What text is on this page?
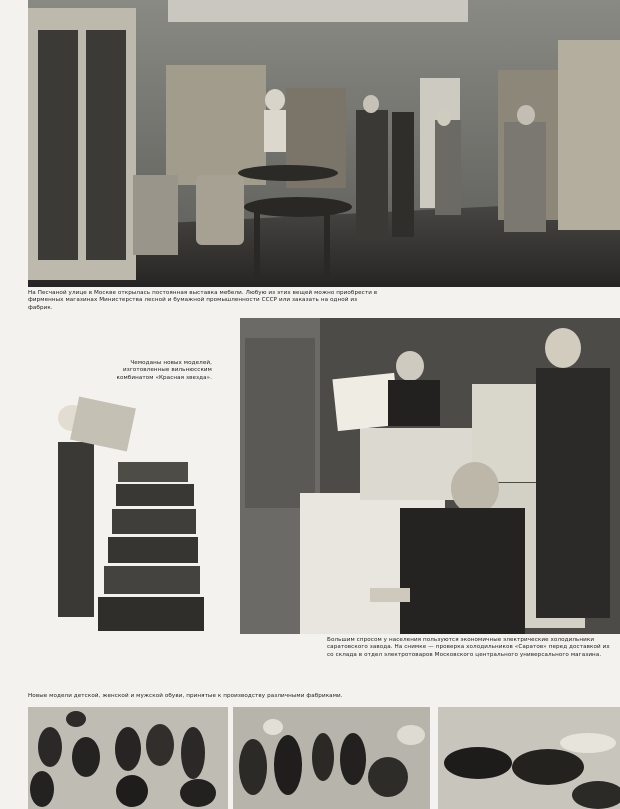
На Песчаной улице в Москве открылась постоянная выставка мебели. Любую из этих вещей можно приобрести в фирменных магазинах Министерства лесной и бумажной промышленности СССР или заказать на одной из фабрик.

Чемоданы новых моделей, изготовленные вильнюсским комбинатом «Красная звезда».

Большим спросом у населения пользуются экономичные электрические холодильники саратовского завода. На снимке — проверка холодильников «Саратов» перед доставкой их со склада в отдел электротоваров Московского центрального универсального магазина.

Новые модели детской, женской и мужской обуви, принятые к производству различными фабриками.
